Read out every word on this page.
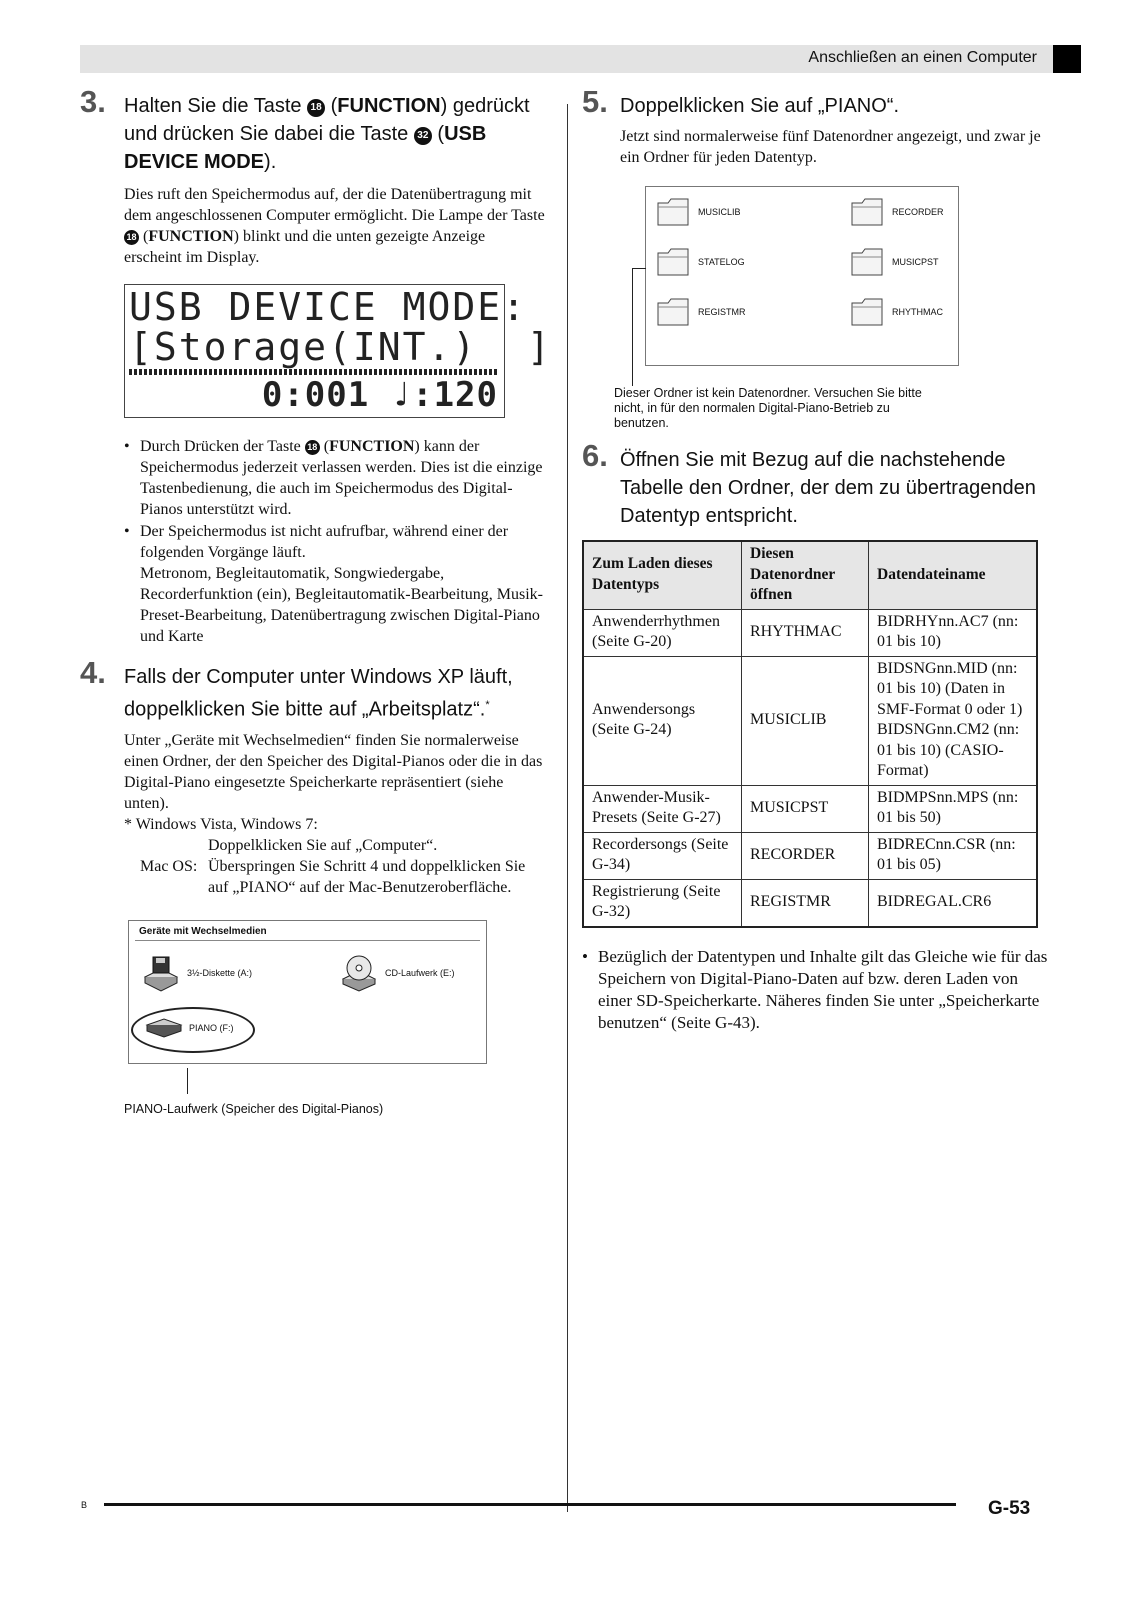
Anschließen an einen Computer
3. Halten Sie die Taste 18 (FUNCTION) gedrückt und drücken Sie dabei die Taste 32 (USB DEVICE MODE).
Dies ruft den Speichermodus auf, der die Datenübertragung mit dem angeschlossenen Computer ermöglicht. Die Lampe der Taste 18 (FUNCTION) blinkt und die unten gezeigte Anzeige erscheint im Display.
USB DEVICE MODE:
[Storage(INT.)  ]
0:001 ♩:120
• Durch Drücken der Taste 18 (FUNCTION) kann der Speichermodus jederzeit verlassen werden. Dies ist die einzige Tastenbedienung, die auch im Speichermodus des Digital-Pianos unterstützt wird.
• Der Speichermodus ist nicht aufrufbar, während einer der folgenden Vorgänge läuft.
Metronom, Begleitautomatik, Songwiedergabe, Recorderfunktion (ein), Begleitautomatik-Bearbeitung, Musik-Preset-Bearbeitung, Datenübertragung zwischen Digital-Piano und Karte
4. Falls der Computer unter Windows XP läuft, doppelklicken Sie bitte auf „Arbeitsplatz“.*
Unter „Geräte mit Wechselmedien“ finden Sie normalerweise einen Ordner, der den Speicher des Digital-Pianos oder die in das Digital-Piano eingesetzte Speicherkarte repräsentiert (siehe unten).
* Windows Vista, Windows 7:
Doppelklicken Sie auf „Computer“.
Mac OS: Überspringen Sie Schritt 4 und doppelklicken Sie auf „PIANO“ auf der Mac-Benutzeroberfläche.
Geräte mit Wechselmedien
3½-Diskette (A:)	CD-Laufwerk (E:)
PIANO (F:)
PIANO-Laufwerk (Speicher des Digital-Pianos)
5. Doppelklicken Sie auf „PIANO“.
Jetzt sind normalerweise fünf Datenordner angezeigt, und zwar je ein Ordner für jeden Datentyp.
MUSICLIB	RECORDER
STATELOG	MUSICPST
REGISTMR	RHYTHMAC
6. Öffnen Sie mit Bezug auf die nachstehende Tabelle den Ordner, der dem zu übertragenden Datentyp entspricht.
Zum Laden dieses Datentyps	Diesen Datenordner öffnen	Datendateiname
Anwenderrhythmen (Seite G-20)	RHYTHMAC	BIDRHYnn.AC7 (nn: 01 bis 10)
Anwendersongs (Seite G-24)	MUSICLIB	BIDSNGnn.MID (nn: 01 bis 10) (Daten in SMF-Format 0 oder 1) BIDSNGnn.CM2 (nn: 01 bis 10) (CASIO-Format)
Anwender-Musik-Presets (Seite G-27)	MUSICPST	BIDMPSnn.MPS (nn: 01 bis 50)
Recordersongs (Seite G-34)	RECORDER	BIDRECnn.CSR (nn: 01 bis 05)
Registrierung (Seite G-32)	REGISTMR	BIDREGAL.CR6
• Bezüglich der Datentypen und Inhalte gilt das Gleiche wie für das Speichern von Digital-Piano-Daten auf bzw. deren Laden von einer SD-Speicherkarte. Näheres finden Sie unter „Speicherkarte benutzen“ (Seite G-43).
Dieser Ordner ist kein Datenordner. Versuchen Sie bitte nicht, in für den normalen Digital-Piano-Betrieb zu benutzen.
B	G-53
